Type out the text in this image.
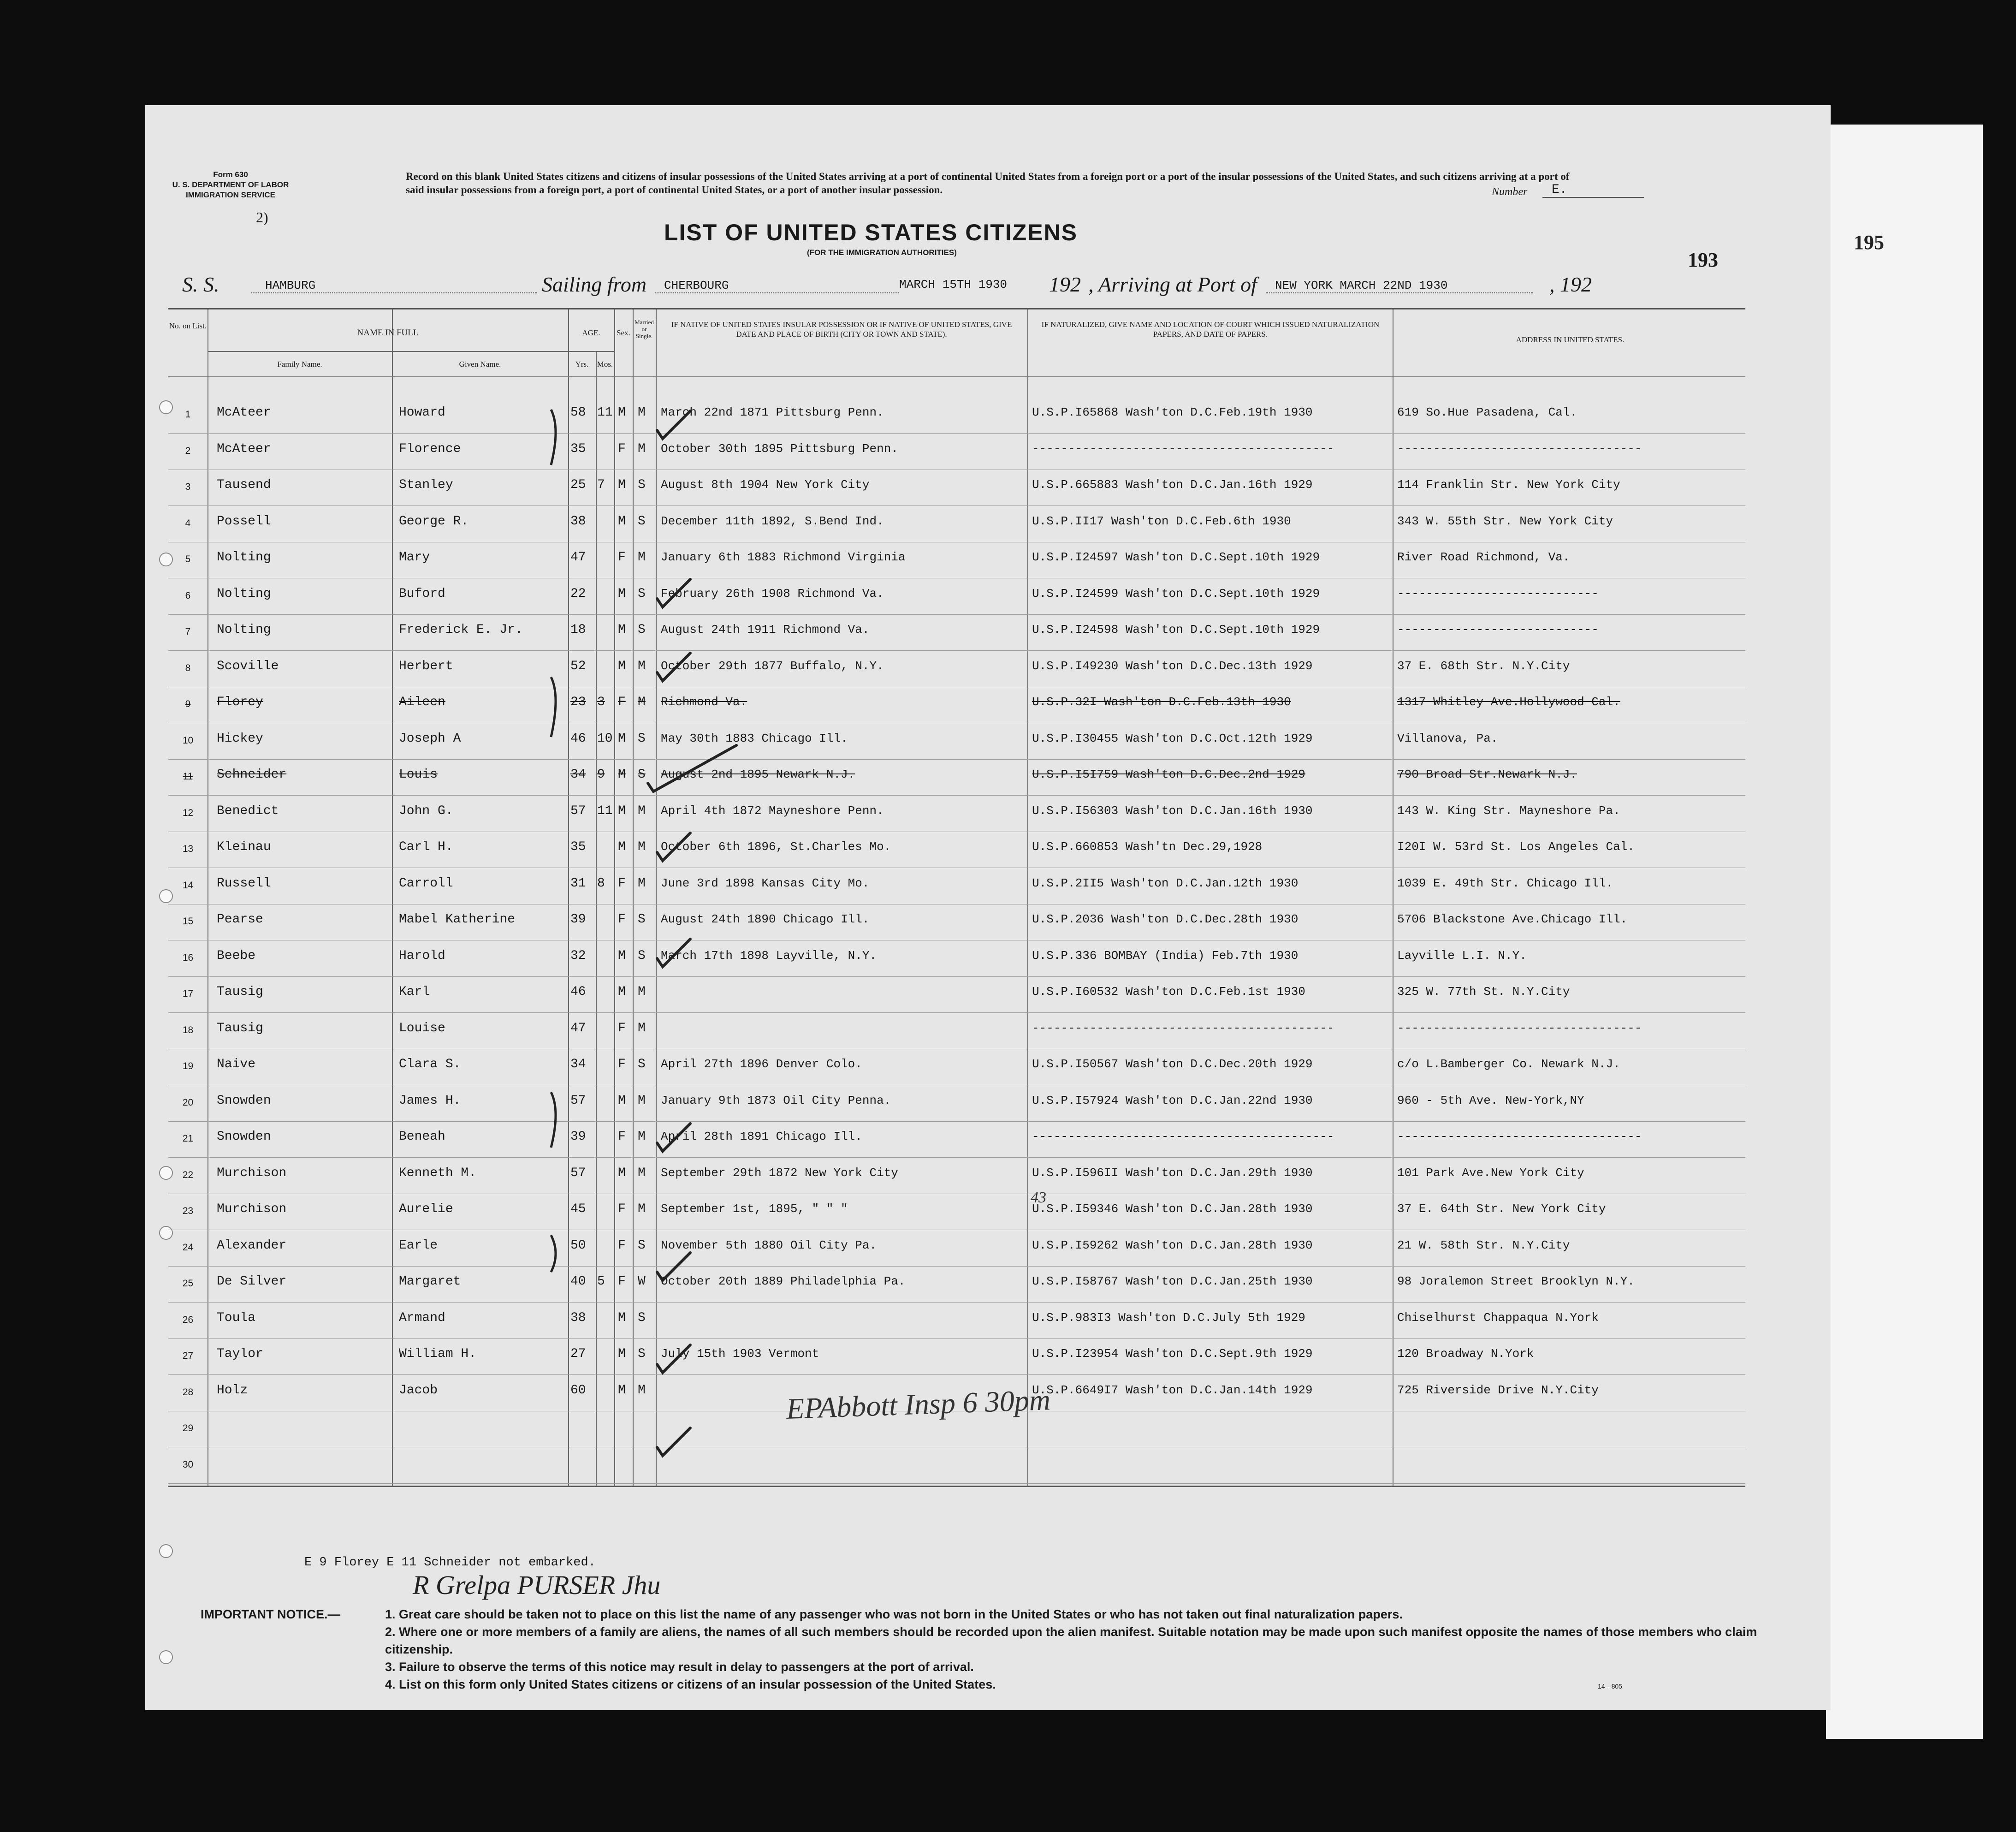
195
Form 630
U. S. DEPARTMENT OF LABOR
IMMIGRATION SERVICE
2)
Record on this blank United States citizens and citizens of insular possessions of the United States arriving at a port of continental United States from a foreign port or a port of the insular possessions of the United States, and such citizens arriving at a port of said insular possessions from a foreign port, a port of continental United States, or a port of another insular possession.	Number	E.
LIST OF UNITED STATES CITIZENS
(FOR THE IMMIGRATION AUTHORITIES)	193
S. S.	HAMBURG	Sailing from	CHERBOURG	MARCH 15TH 1930 192 , Arriving at Port of	NEW YORK MARCH 22ND 1930	, 192
No. on List.
NAME IN FULL
Family Name.	Given Name.
AGE.
Yrs.	Mos.
Sex.
Married or Single.
IF NATIVE OF UNITED STATES INSULAR POSSESSION OR IF NATIVE OF UNITED STATES, GIVE DATE AND PLACE OF BIRTH (CITY OR TOWN AND STATE).
IF NATURALIZED, GIVE NAME AND LOCATION OF COURT WHICH ISSUED NATURALIZATION PAPERS, AND DATE OF PAPERS.
ADDRESS IN UNITED STATES.
1	McAteer	Howard	58 11 M M March 22nd 1871 Pittsburg Penn.	U.S.P.I65868 Wash'ton D.C.Feb.19th 1930	619 So.Hue Pasadena, Cal.
2	McAteer	Florence	35 F M October 30th 1895 Pittsburg Penn.	------------------------------------------	----------------------------------
3	Tausend	Stanley	25 7 M S August 8th 1904 New York City	U.S.P.665883 Wash'ton D.C.Jan.16th 1929	114 Franklin Str. New York City
4	Possell	George R.	38 M S December 11th 1892, S.Bend Ind.	U.S.P.II17 Wash'ton D.C.Feb.6th 1930	343 W. 55th Str. New York City
5	Nolting	Mary	47 F M January 6th 1883 Richmond Virginia	U.S.P.I24597 Wash'ton D.C.Sept.10th 1929	River Road Richmond, Va.
6	Nolting	Buford	22 M S February 26th 1908 Richmond Va.	U.S.P.I24599 Wash'ton D.C.Sept.10th 1929	----------------------------
7	Nolting	Frederick E. Jr.	18 M S August 24th 1911 Richmond Va.	U.S.P.I24598 Wash'ton D.C.Sept.10th 1929	----------------------------
8	Scoville	Herbert	52 M M October 29th 1877 Buffalo, N.Y.	U.S.P.I49230 Wash'ton D.C.Dec.13th 1929	37 E. 68th Str. N.Y.City
9	Florey	Aileen	23 3 F M Richmond Va.	U.S.P.32I Wash'ton D.C.Feb.13th 1930	1317 Whitley Ave.Hollywood Cal.
10	Hickey	Joseph A	46 10 M S May 30th 1883 Chicago Ill.	U.S.P.I30455 Wash'ton D.C.Oct.12th 1929	Villanova, Pa.
11	Schneider	Louis	34 9 M S August 2nd 1895 Newark N.J.	U.S.P.I5I759 Wash'ton D.C.Dec.2nd 1929	790 Broad Str.Newark N.J.
12	Benedict	John G.	57 11 M M April 4th 1872 Mayneshore Penn.	U.S.P.I56303 Wash'ton D.C.Jan.16th 1930	143 W. King Str. Mayneshore Pa.
13	Kleinau	Carl H.	35 M M October 6th 1896, St.Charles Mo.	U.S.P.660853 Wash'tn Dec.29,1928	I20I W. 53rd St. Los Angeles Cal.
14	Russell	Carroll	31 8 F M June 3rd 1898 Kansas City Mo.	U.S.P.2II5 Wash'ton D.C.Jan.12th 1930	1039 E. 49th Str. Chicago Ill.
15	Pearse	Mabel Katherine	39 F S August 24th 1890 Chicago Ill.	U.S.P.2036 Wash'ton D.C.Dec.28th 1930	5706 Blackstone Ave.Chicago Ill.
16	Beebe	Harold	32 M S March 17th 1898 Layville, N.Y.	U.S.P.336 BOMBAY (India) Feb.7th 1930	Layville L.I. N.Y.
17	Tausig	Karl	46 M M	U.S.P.I60532 Wash'ton D.C.Feb.1st 1930	325 W. 77th St. N.Y.City
18	Tausig	Louise	47 F M	------------------------------------------	----------------------------------
19	Naive	Clara S.	34 F S April 27th 1896 Denver Colo.	U.S.P.I50567 Wash'ton D.C.Dec.20th 1929	c/o L.Bamberger Co. Newark N.J.
20	Snowden	James H.	57 M M January 9th 1873 Oil City Penna.	U.S.P.I57924 Wash'ton D.C.Jan.22nd 1930	960 - 5th Ave. New-York,NY
21	Snowden	Beneah	39 F M April 28th 1891 Chicago Ill.	------------------------------------------	----------------------------------
22	Murchison	Kenneth M.	57 M M September 29th 1872 New York City	U.S.P.I596II Wash'ton D.C.Jan.29th 1930	101 Park Ave.New York City
23	Murchison	Aurelie	45 F M September 1st, 1895, " " "	U.S.P.I59346 Wash'ton D.C.Jan.28th 1930	37 E. 64th Str. New York City
24	Alexander	Earle	50 F S November 5th 1880 Oil City Pa.	U.S.P.I59262 Wash'ton D.C.Jan.28th 1930	21 W. 58th Str. N.Y.City
25	De Silver	Margaret	40 5 F W October 20th 1889 Philadelphia Pa.	U.S.P.I58767 Wash'ton D.C.Jan.25th 1930	98 Joralemon Street Brooklyn N.Y.
26	Toula	Armand	38 M S	U.S.P.983I3 Wash'ton D.C.July 5th 1929	Chiselhurst Chappaqua N.York
27	Taylor	William H.	27 M S July 15th 1903 Vermont	U.S.P.I23954 Wash'ton D.C.Sept.9th 1929	120 Broadway N.York
28	Holz	Jacob	60 M M	U.S.P.6649I7 Wash'ton D.C.Jan.14th 1929	725 Riverside Drive N.Y.City
29
30
EPAbbott Insp 6 30pm
43
E 9 Florey E 11 Schneider not embarked.
R Grelpa PURSER Jhu
IMPORTANT NOTICE.—	1. Great care should be taken not to place on this list the name of any passenger who was not born in the United States or who has not taken out final naturalization papers.
2. Where one or more members of a family are aliens, the names of all such members should be recorded upon the alien manifest. Suitable notation may be made upon such manifest opposite the names of those members who claim citizenship.
3. Failure to observe the terms of this notice may result in delay to passengers at the port of arrival.
4. List on this form only United States citizens or citizens of an insular possession of the United States.	14—805
